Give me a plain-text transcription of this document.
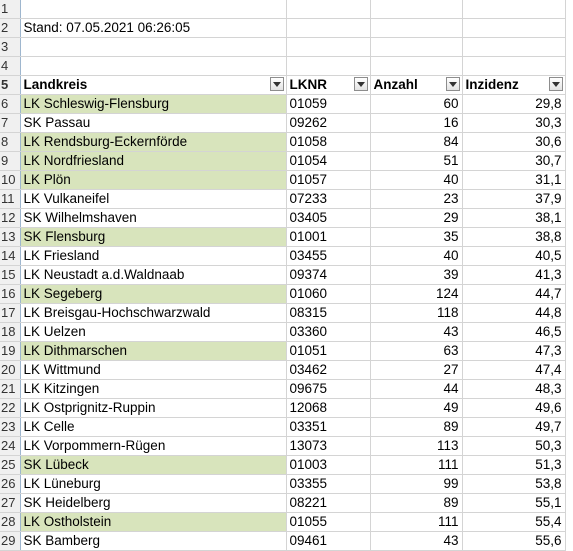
1				
2	Stand: 07.05.2021 06:26:05			
3				
4				
5	Landkreis	LKNR	Anzahl	Inzidenz

6	LK Schleswig-Flensburg	01059	60	29,8
7	SK Passau	09262	16	30,3
8	LK Rendsburg-Eckernförde	01058	84	30,6
9	LK Nordfriesland	01054	51	30,7
10	LK Plön	01057	40	31,1
11	LK Vulkaneifel	07233	23	37,9
12	SK Wilhelmshaven	03405	29	38,1
13	SK Flensburg	01001	35	38,8
14	LK Friesland	03455	40	40,5
15	LK Neustadt a.d.Waldnaab	09374	39	41,3
16	LK Segeberg	01060	124	44,7
17	LK Breisgau-Hochschwarzwald	08315	118	44,8
18	LK Uelzen	03360	43	46,5
19	LK Dithmarschen	01051	63	47,3
20	LK Wittmund	03462	27	47,4
21	LK Kitzingen	09675	44	48,3
22	LK Ostprignitz-Ruppin	12068	49	49,6
23	LK Celle	03351	89	49,7
24	LK Vorpommern-Rügen	13073	113	50,3
25	SK Lübeck	01003	111	51,3
26	LK Lüneburg	03355	99	53,8
27	SK Heidelberg	08221	89	55,1
28	LK Ostholstein	01055	111	55,4
29	SK Bamberg	09461	43	55,6
